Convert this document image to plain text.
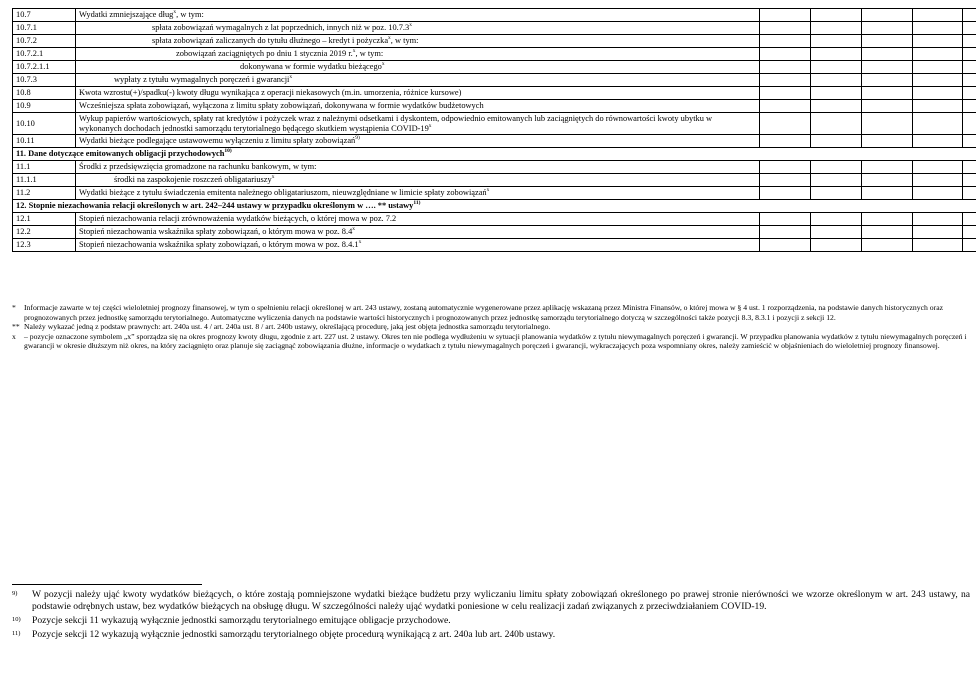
10.7	Wydatki zmniejszające dług$^x$, w tym:					
10.7.1	spłata zobowiązań wymagalnych z lat poprzednich, innych niż w poz. 10.7.3$^x$					
10.7.2	spłata zobowiązań zaliczanych do tytułu dłużnego – kredyt i pożyczka$^x$, w tym:					
10.7.2.1	zobowiązań zaciągniętych po dniu 1 stycznia 2019 r.$^x$, w tym:					
10.7.2.1.1	dokonywana w formie wydatku bieżącego$^x$					
10.7.3	wypłaty z tytułu wymagalnych poręczeń i gwarancji$^x$					
10.8	Kwota wzrostu(+)/spadku(-) kwoty długu wynikająca z operacji niekasowych (m.in. umorzenia, różnice kursowe)					
10.9	Wcześniejsza spłata zobowiązań, wyłączona z limitu spłaty zobowiązań, dokonywana w formie wydatków budżetowych					
10.10	Wykup papierów wartościowych, spłaty rat kredytów i pożyczek wraz z należnymi odsetkami i dyskontem, odpowiednio emitowanych lub zaciągniętych do równowartości kwoty ubytku w wykonanych dochodach jednostki samorządu terytorialnego będącego skutkiem wystąpienia COVID-19$^x$					
10.11	Wydatki bieżące podlegające ustawowemu wyłączeniu z limitu spłaty zobowiązań$^{9)}$					
11. Dane dotyczące emitowanych obligacji przychodowych$^{10)}$
11.1	Środki z przedsięwzięcia gromadzone na rachunku bankowym, w tym:					
11.1.1	środki na zaspokojenie roszczeń obligatariuszy$^x$					
11.2	Wydatki bieżące z tytułu świadczenia emitenta należnego obligatariuszom, nieuwzględniane w limicie spłaty zobowiązań$^x$					
12. Stopnie niezachowania relacji określonych w art. 242–244 ustawy w przypadku określonym w …. ** ustawy$^{11)}$
12.1	Stopień niezachowania relacji zrównoważenia wydatków bieżących, o której mowa w poz. 7.2					
12.2	Stopień niezachowania wskaźnika spłaty zobowiązań, o którym mowa w poz. 8.4$^x$					
12.3	Stopień niezachowania wskaźnika spłaty zobowiązań, o którym mowa w poz. 8.4.1$^x$					
* Informacje zawarte w tej części wieloletniej prognozy finansowej, w tym o spełnieniu relacji określonej w art. 243 ustawy, zostaną automatycznie wygenerowane przez aplikację wskazaną przez Ministra Finansów, o której mowa w § 4 ust. 1 rozporządzenia, na podstawie danych historycznych oraz prognozowanych przez jednostkę samorządu terytorialnego. Automatyczne wyliczenia danych na podstawie wartości historycznych i prognozowanych przez jednostkę samorządu terytorialnego dotyczą w szczególności także pozycji 8.3, 8.3.1 i pozycji z sekcji 12.
** Należy wykazać jedną z podstaw prawnych: art. 240a ust. 4 / art. 240a ust. 8 / art. 240b ustawy, określającą procedurę, jaką jest objęta jednostka samorządu terytorialnego.
x – pozycje oznaczone symbolem „x” sporządza się na okres prognozy kwoty długu, zgodnie z art. 227 ust. 2 ustawy. Okres ten nie podlega wydłużeniu w sytuacji planowania wydatków z tytułu niewymagalnych poręczeń i gwarancji. W przypadku planowania wydatków z tytułu niewymagalnych poręczeń i gwarancji w okresie dłuższym niż okres, na który zaciągnięto oraz planuje się zaciągnąć zobowiązania dłużne, informacje o wydatkach z tytułu niewymagalnych poręczeń i gwarancji, wykraczających poza wspomniany okres, należy zamieścić w objaśnieniach do wieloletniej prognozy finansowej.
9) W pozycji należy ująć kwoty wydatków bieżących, o które zostają pomniejszone wydatki bieżące budżetu przy wyliczaniu limitu spłaty zobowiązań określonego po prawej stronie nierówności we wzorze określonym w art. 243 ustawy, na podstawie odrębnych ustaw, bez wydatków bieżących na obsługę długu. W szczególności należy ująć wydatki poniesione w celu realizacji zadań związanych z przeciwdziałaniem COVID-19.
10) Pozycje sekcji 11 wykazują wyłącznie jednostki samorządu terytorialnego emitujące obligacje przychodowe.
11) Pozycje sekcji 12 wykazują wyłącznie jednostki samorządu terytorialnego objęte procedurą wynikającą z art. 240a lub art. 240b ustawy.
